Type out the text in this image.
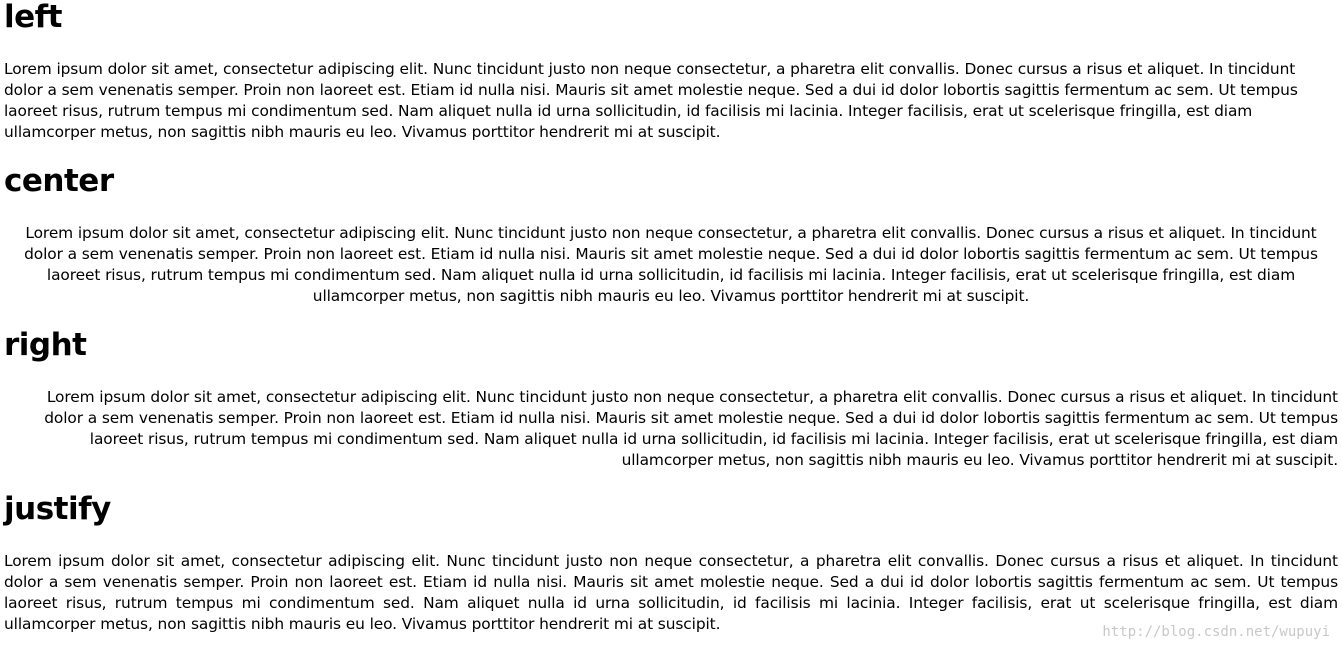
left

Lorem ipsum dolor sit amet, consectetur adipiscing elit. Nunc tincidunt justo non neque consectetur, a pharetra elit convallis. Donec cursus a risus et aliquet. In tincidunt dolor a sem venenatis semper. Proin non laoreet est. Etiam id nulla nisi. Mauris sit amet molestie neque. Sed a dui id dolor lobortis sagittis fermentum ac sem. Ut tempus laoreet risus, rutrum tempus mi condimentum sed. Nam aliquet nulla id urna sollicitudin, id facilisis mi lacinia. Integer facilisis, erat ut scelerisque fringilla, est diam ullamcorper metus, non sagittis nibh mauris eu leo. Vivamus porttitor hendrerit mi at suscipit.

center

Lorem ipsum dolor sit amet, consectetur adipiscing elit. Nunc tincidunt justo non neque consectetur, a pharetra elit convallis. Donec cursus a risus et aliquet. In tincidunt dolor a sem venenatis semper. Proin non laoreet est. Etiam id nulla nisi. Mauris sit amet molestie neque. Sed a dui id dolor lobortis sagittis fermentum ac sem. Ut tempus laoreet risus, rutrum tempus mi condimentum sed. Nam aliquet nulla id urna sollicitudin, id facilisis mi lacinia. Integer facilisis, erat ut scelerisque fringilla, est diam ullamcorper metus, non sagittis nibh mauris eu leo. Vivamus porttitor hendrerit mi at suscipit.

right

Lorem ipsum dolor sit amet, consectetur adipiscing elit. Nunc tincidunt justo non neque consectetur, a pharetra elit convallis. Donec cursus a risus et aliquet. In tincidunt dolor a sem venenatis semper. Proin non laoreet est. Etiam id nulla nisi. Mauris sit amet molestie neque. Sed a dui id dolor lobortis sagittis fermentum ac sem. Ut tempus laoreet risus, rutrum tempus mi condimentum sed. Nam aliquet nulla id urna sollicitudin, id facilisis mi lacinia. Integer facilisis, erat ut scelerisque fringilla, est diam ullamcorper metus, non sagittis nibh mauris eu leo. Vivamus porttitor hendrerit mi at suscipit.

justify

Lorem ipsum dolor sit amet, consectetur adipiscing elit. Nunc tincidunt justo non neque consectetur, a pharetra elit convallis. Donec cursus a risus et aliquet. In tincidunt dolor a sem venenatis semper. Proin non laoreet est. Etiam id nulla nisi. Mauris sit amet molestie neque. Sed a dui id dolor lobortis sagittis fermentum ac sem. Ut tempus laoreet risus, rutrum tempus mi condimentum sed. Nam aliquet nulla id urna sollicitudin, id facilisis mi lacinia. Integer facilisis, erat ut scelerisque fringilla, est diam ullamcorper metus, non sagittis nibh mauris eu leo. Vivamus porttitor hendrerit mi at suscipit.	http://blog.csdn.net/wupuyi
